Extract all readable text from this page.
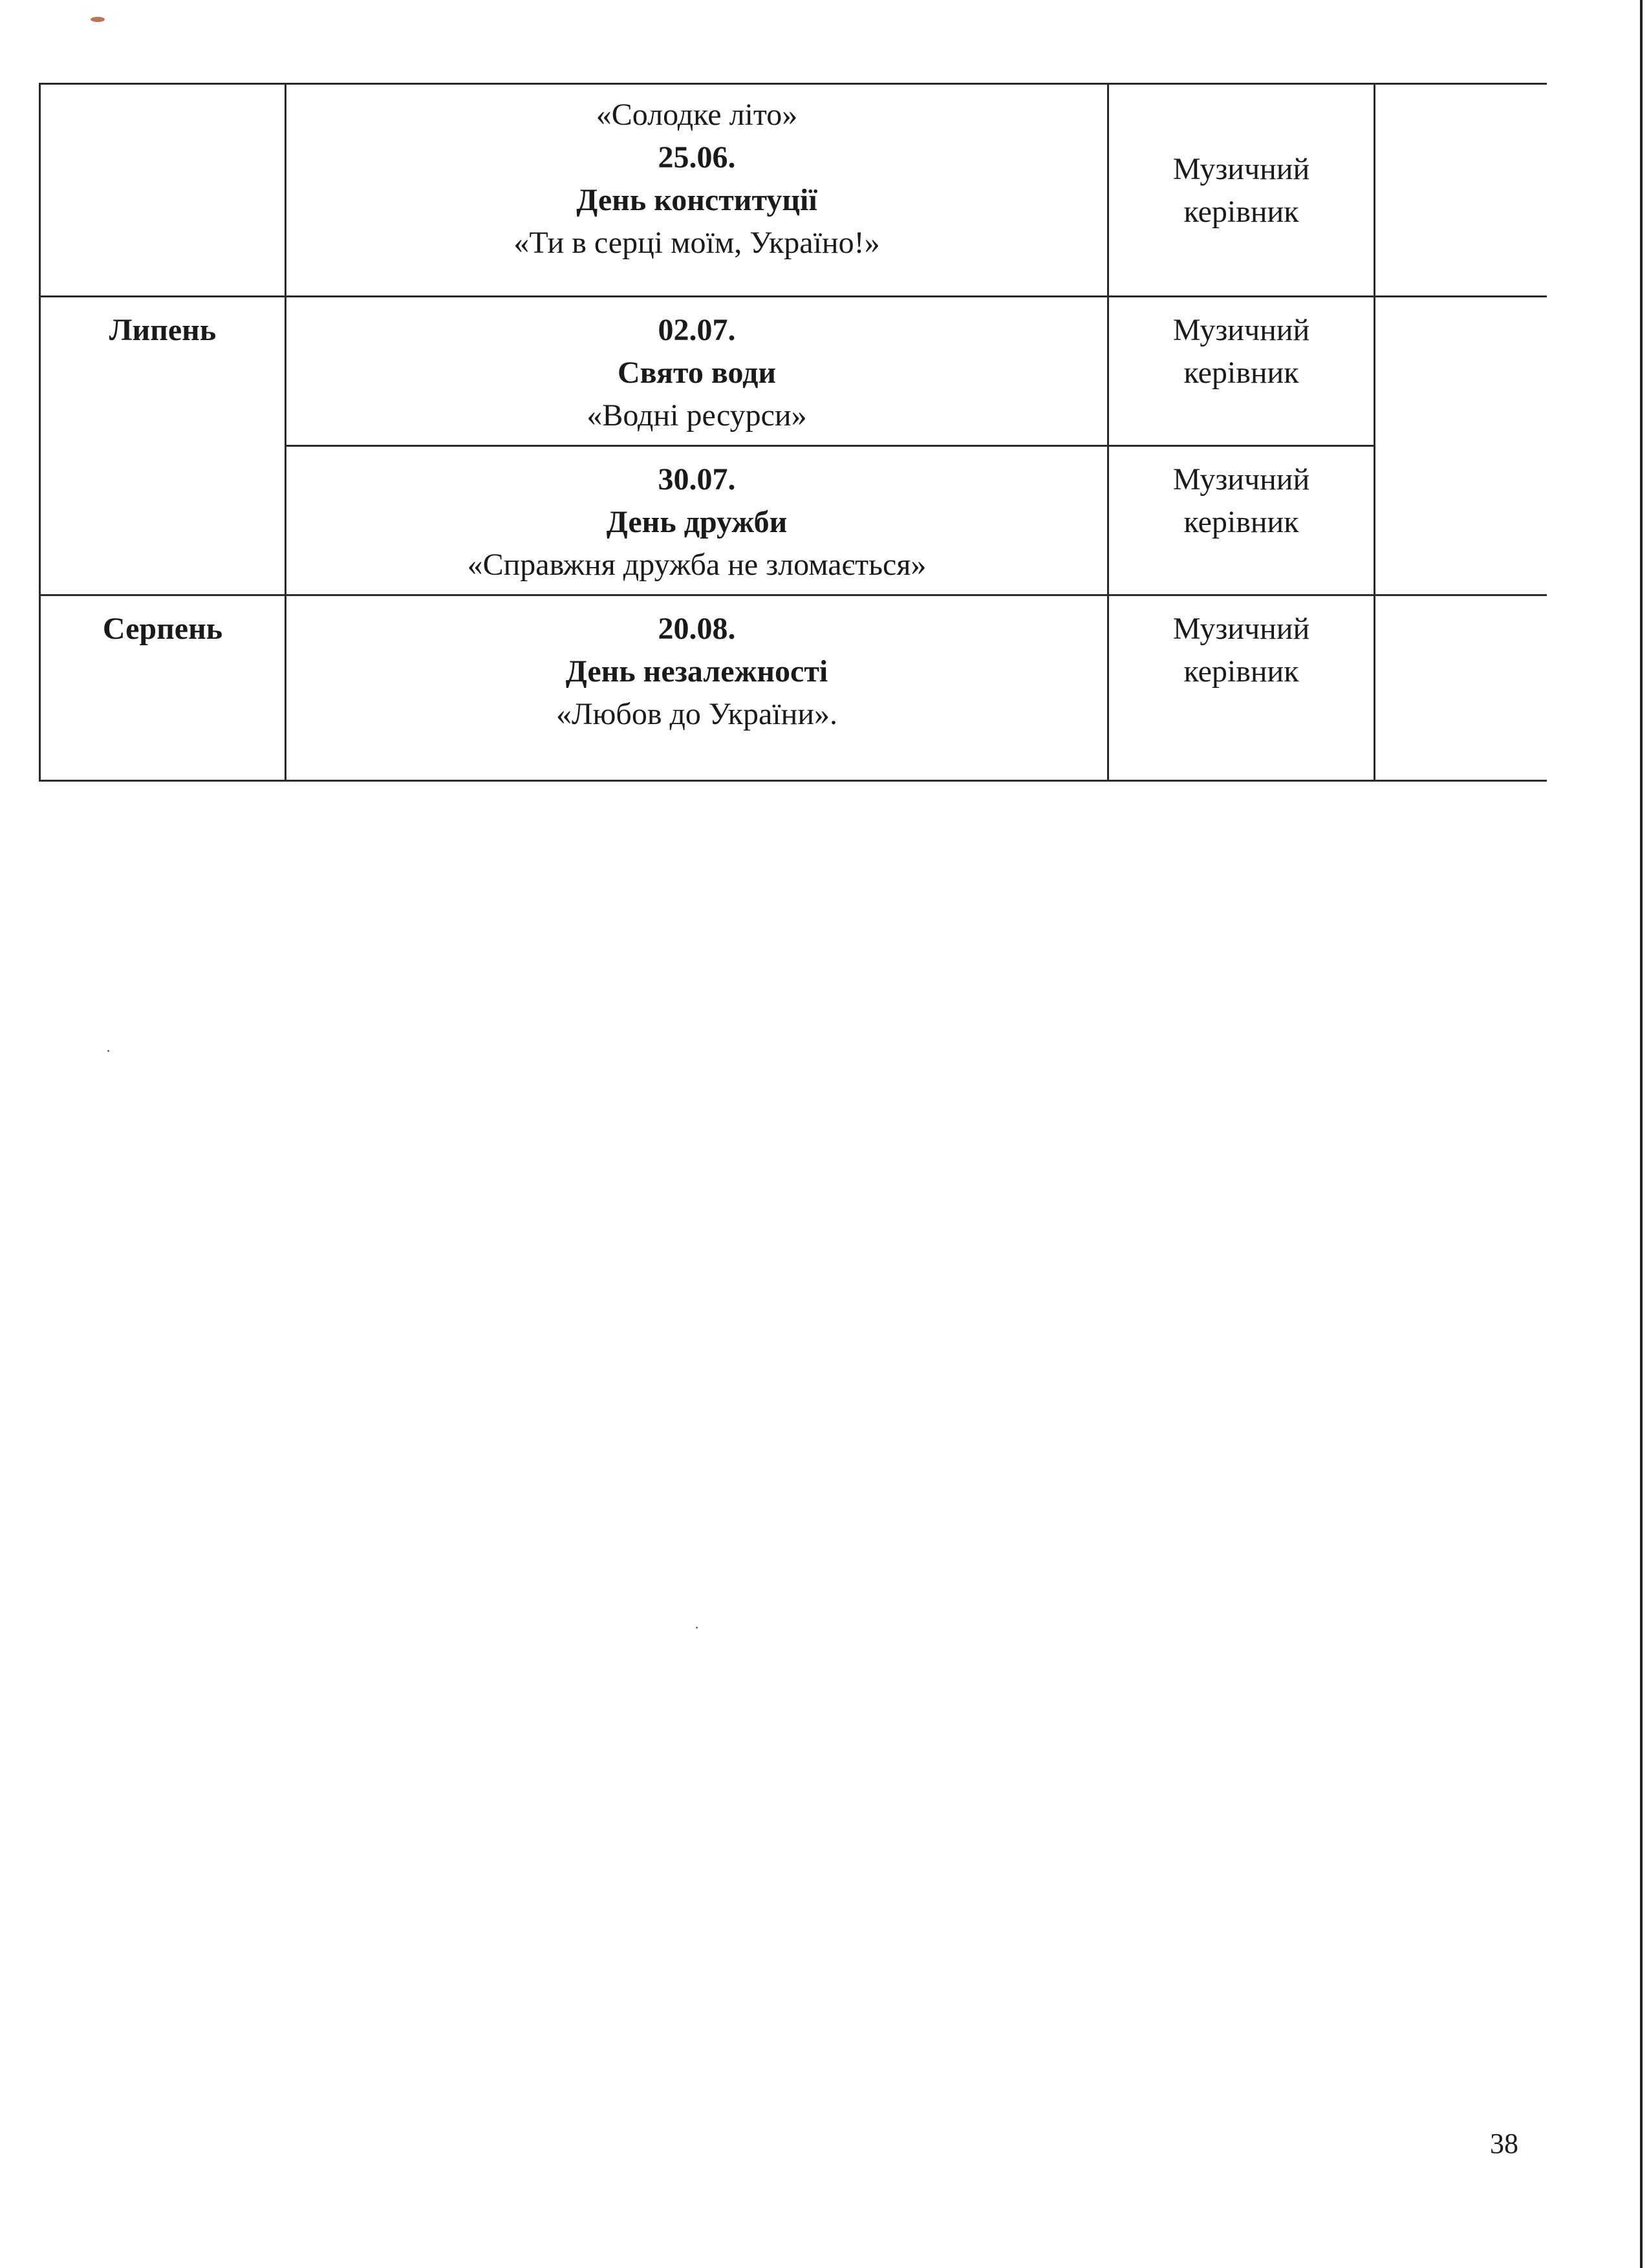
	«Солодке літо»
25.06.
День конституції
«Ти в серці моїм, Україно!»	Музичний керівник	

Липень	02.07.
Свято води
«Водні ресурси»	Музичний керівник	

	30.07.
День дружби
«Справжня дружба не зломається»	Музичний керівник	

Серпень	20.08.
День незалежності
«Любов до України».	Музичний керівник	

38
